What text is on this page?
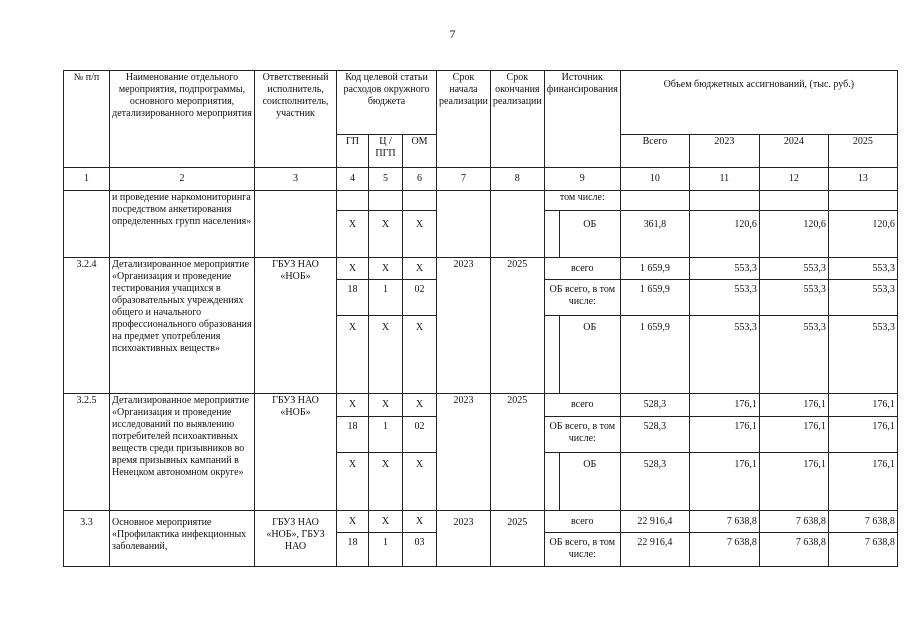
7
№ п/п	Наименование отдельного мероприятия, подпрограммы, основного мероприятия, детализированного мероприятия	Ответственный исполнитель, соисполнитель, участник	Код целевой статьи расходов окружного бюджета			Срок начала реализации	Срок окончания реализации	Источник финансирования	Объем бюджетных ассигнований, (тыс. руб.)			
			ГП	Ц / ПГП	ОМ				Всего	2023	2024	2025
1	2	3	4	5	6	7	8	9	10	11	12	13
	и проведение наркомониторинга посредством анкетирования определенных групп населения»							том числе:				
			Х	Х	Х			ОБ	361,8	120,6	120,6	120,6
3.2.4	Детализированное мероприятие «Организация и проведение тестирования учащихся в образовательных учреждениях общего и начального профессионального образования на предмет употребления психоактивных веществ»	ГБУЗ НАО «НОБ»	Х	Х	Х	2023	2025	всего	1 659,9	553,3	553,3	553,3
			18	1	02			ОБ всего, в том числе:	1 659,9	553,3	553,3	553,3
			Х	Х	Х			ОБ	1 659,9	553,3	553,3	553,3
3.2.5	Детализированное мероприятие «Организация и проведение исследований по выявлению потребителей психоактивных веществ среди призывников во время призывных кампаний в Ненецком автономном округе»	ГБУЗ НАО «НОБ»	Х	Х	Х	2023	2025	всего	528,3	176,1	176,1	176,1
			18	1	02			ОБ всего, в том числе:	528,3	176,1	176,1	176,1
			Х	Х	Х			ОБ	528,3	176,1	176,1	176,1
3.3	Основное мероприятие «Профилактика инфекционных заболеваний,	ГБУЗ НАО «НОБ», ГБУЗ НАО	Х	Х	Х	2023	2025	всего	22 916,4	7 638,8	7 638,8	7 638,8
			18	1	03			ОБ всего, в том числе:	22 916,4	7 638,8	7 638,8	7 638,8
